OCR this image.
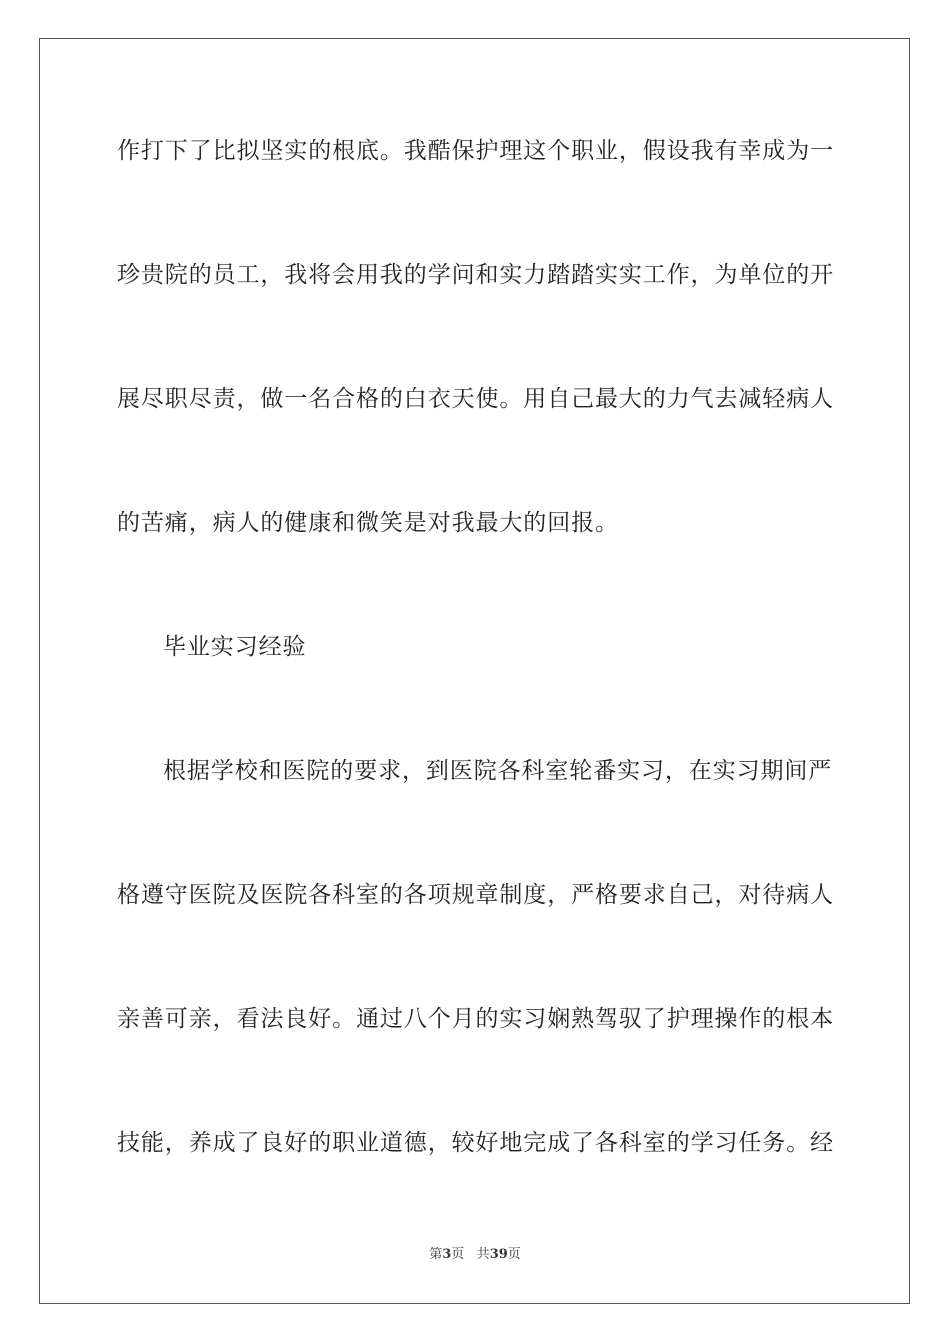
作打下了比拟坚实的根底。我酷保护理这个职业，假设我有幸成为一
珍贵院的员工，我将会用我的学问和实力踏踏实实工作，为单位的开
展尽职尽责，做一名合格的白衣天使。用自己最大的力气去减轻病人
的苦痛，病人的健康和微笑是对我最大的回报。
毕业实习经验
根据学校和医院的要求，到医院各科室轮番实习，在实习期间严
格遵守医院及医院各科室的各项规章制度，严格要求自己，对待病人
亲善可亲，看法良好。通过八个月的实习娴熟驾驭了护理操作的根本
技能，养成了良好的职业道德，较好地完成了各科室的学习任务。经
第3页 共39页
